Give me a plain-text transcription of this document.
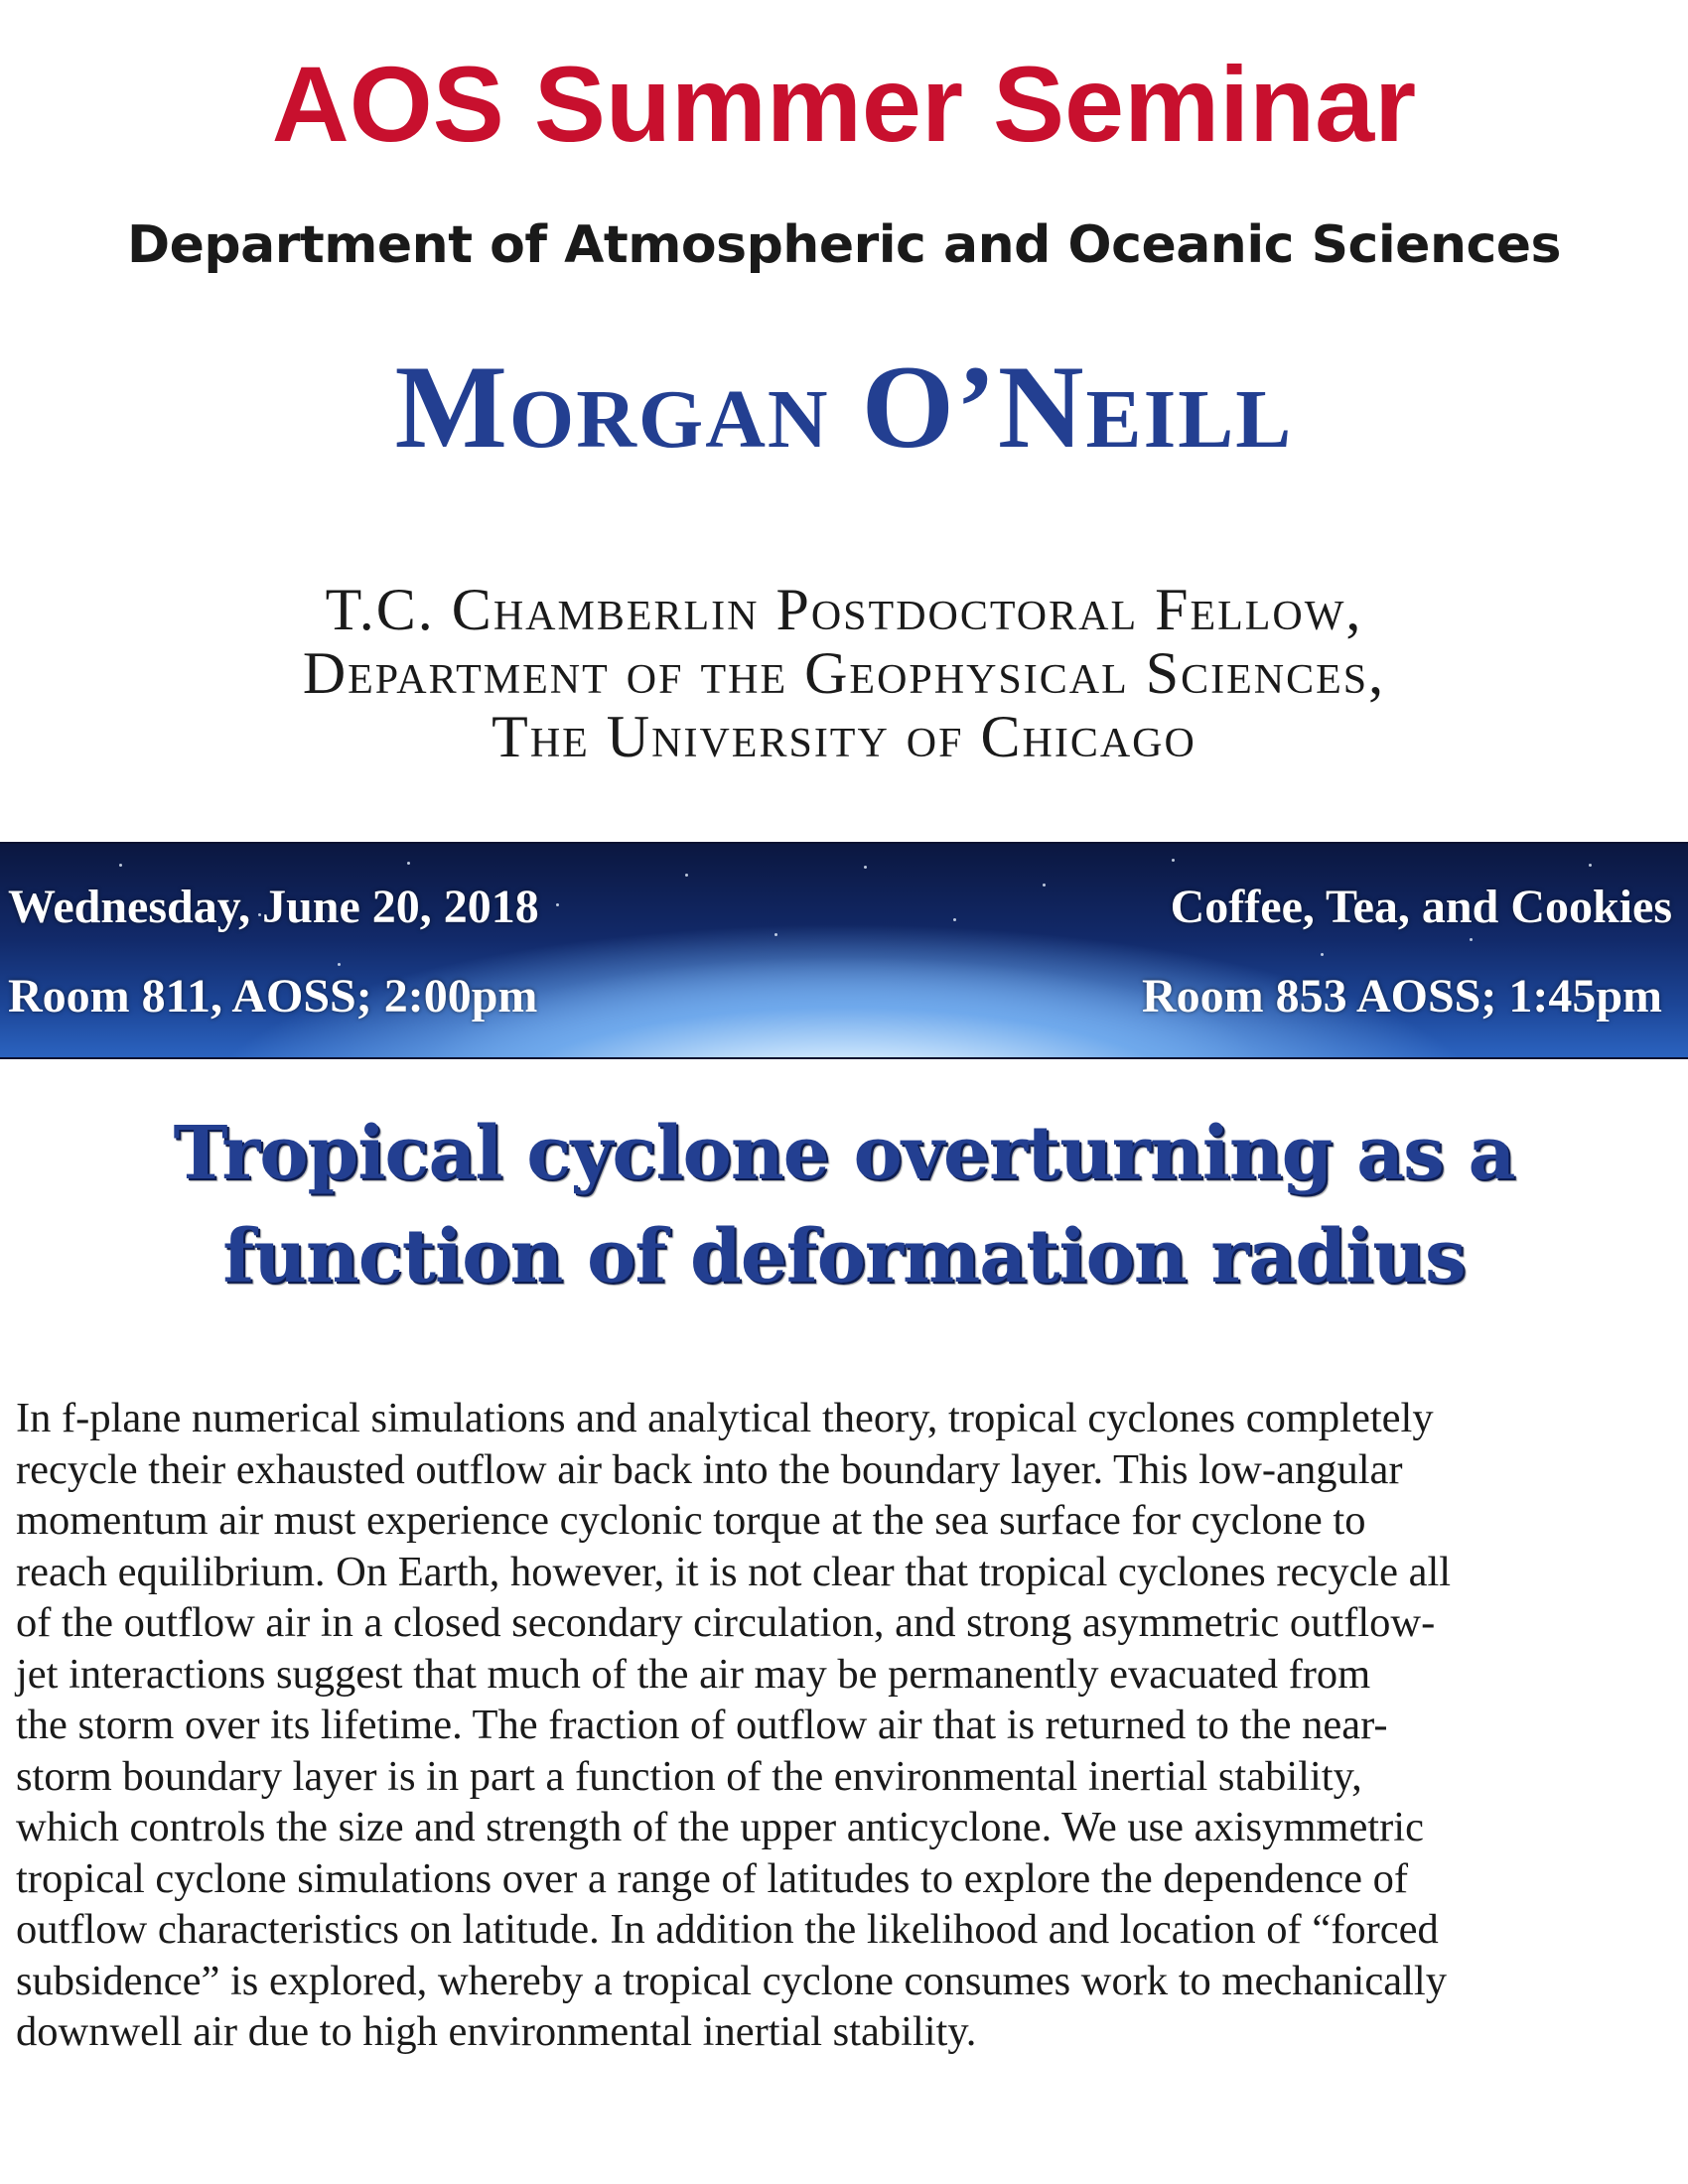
AOS Summer Seminar
Department of Atmospheric and Oceanic Sciences
Morgan O’Neill
T.C. Chamberlin Postdoctoral Fellow,
Department of the Geophysical Sciences,
The University of Chicago
Wednesday, June 20, 2018
Room 811, AOSS; 2:00pm
Coffee, Tea, and Cookies
Room 853 AOSS; 1:45pm
Tropical cyclone overturning as a
function of deformation radius
In f-plane numerical simulations and analytical theory, tropical cyclones completely
recycle their exhausted outflow air back into the boundary layer. This low-angular
momentum air must experience cyclonic torque at the sea surface for cyclone to
reach equilibrium. On Earth, however, it is not clear that tropical cyclones recycle all
of the outflow air in a closed secondary circulation, and strong asymmetric outflow-
jet interactions suggest that much of the air may be permanently evacuated from
the storm over its lifetime. The fraction of outflow air that is returned to the near-
storm boundary layer is in part a function of the environmental inertial stability,
which controls the size and strength of the upper anticyclone. We use axisymmetric
tropical cyclone simulations over a range of latitudes to explore the dependence of
outflow characteristics on latitude. In addition the likelihood and location of “forced
subsidence” is explored, whereby a tropical cyclone consumes work to mechanically
downwell air due to high environmental inertial stability.
